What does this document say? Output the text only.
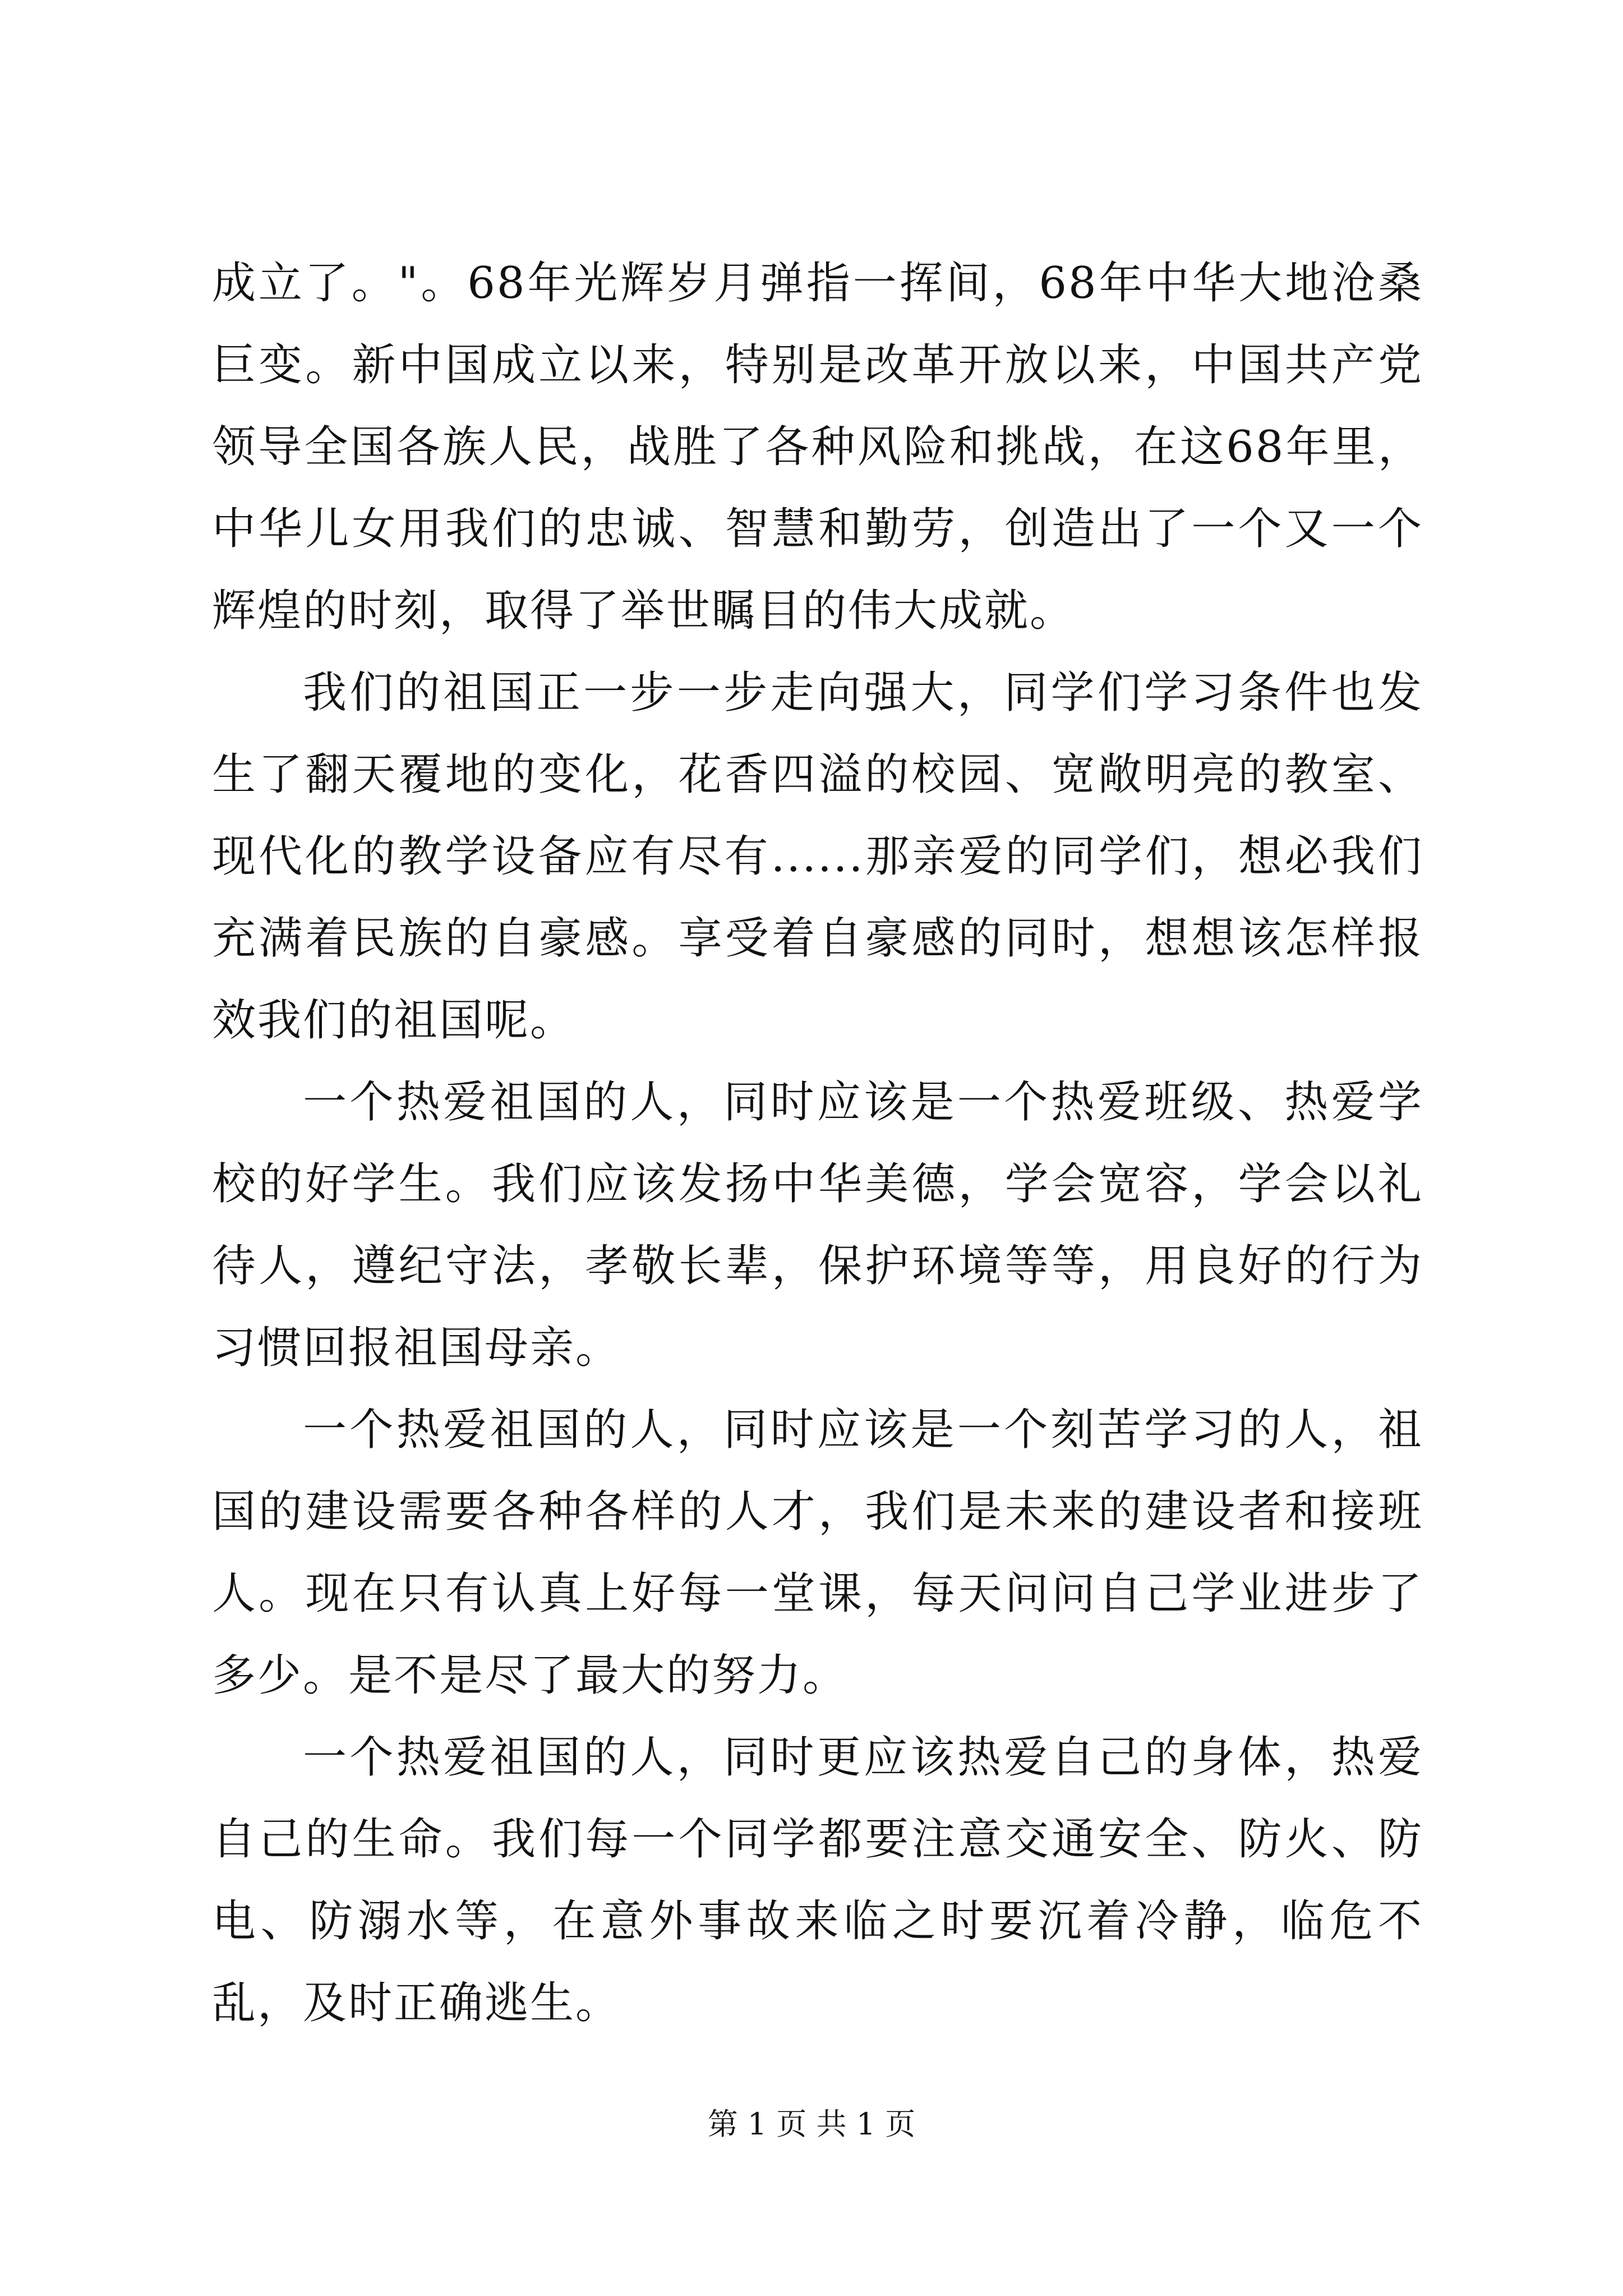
成立了。"。68年光辉岁月弹指一挥间，68年中华大地沧桑巨变。新中国成立以来，特别是改革开放以来，中国共产党领导全国各族人民，战胜了各种风险和挑战，在这68年里，中华儿女用我们的忠诚、智慧和勤劳，创造出了一个又一个辉煌的时刻，取得了举世瞩目的伟大成就。

我们的祖国正一步一步走向强大，同学们学习条件也发生了翻天覆地的变化，花香四溢的校园、宽敞明亮的教室、现代化的教学设备应有尽有......那亲爱的同学们，想必我们充满着民族的自豪感。享受着自豪感的同时，想想该怎样报效我们的祖国呢。

一个热爱祖国的人，同时应该是一个热爱班级、热爱学校的好学生。我们应该发扬中华美德，学会宽容，学会以礼待人，遵纪守法，孝敬长辈，保护环境等等，用良好的行为习惯回报祖国母亲。

一个热爱祖国的人，同时应该是一个刻苦学习的人，祖国的建设需要各种各样的人才，我们是未来的建设者和接班人。现在只有认真上好每一堂课，每天问问自己学业进步了多少。是不是尽了最大的努力。

一个热爱祖国的人，同时更应该热爱自己的身体，热爱自己的生命。我们每一个同学都要注意交通安全、防火、防电、防溺水等，在意外事故来临之时要沉着冷静，临危不乱，及时正确逃生。

第 1 页 共 1 页
